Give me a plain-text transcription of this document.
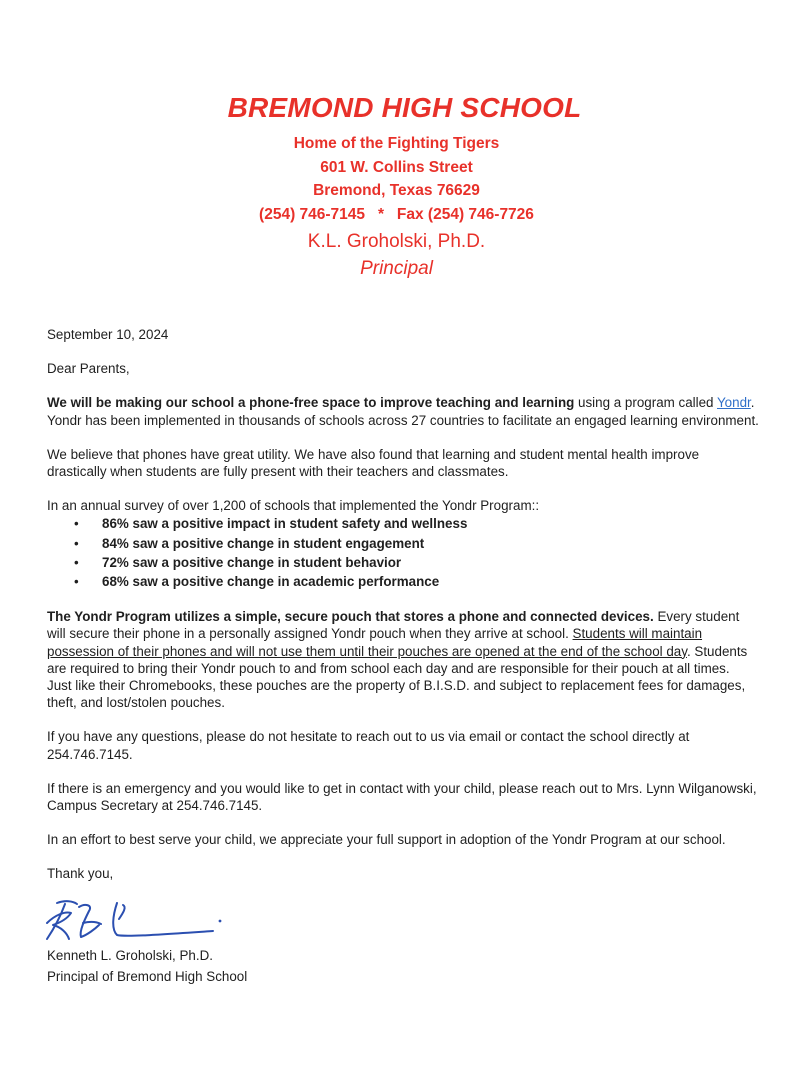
BREMOND HIGH SCHOOL
Home of the Fighting Tigers
601 W. Collins Street
Bremond, Texas 76629
(254) 746-7145   *   Fax (254) 746-7726
K.L. Groholski, Ph.D.
Principal

September 10, 2024

Dear Parents,

We will be making our school a phone-free space to improve teaching and learning using a program called Yondr. Yondr has been implemented in thousands of schools across 27 countries to facilitate an engaged learning environment.

We believe that phones have great utility. We have also found that learning and student mental health improve drastically when students are fully present with their teachers and classmates.

In an annual survey of over 1,200 of schools that implemented the Yondr Program::

• 86% saw a positive impact in student safety and wellness
• 84% saw a positive change in student engagement
• 72% saw a positive change in student behavior
• 68% saw a positive change in academic performance

The Yondr Program utilizes a simple, secure pouch that stores a phone and connected devices. Every student will secure their phone in a personally assigned Yondr pouch when they arrive at school. Students will maintain possession of their phones and will not use them until their pouches are opened at the end of the school day. Students are required to bring their Yondr pouch to and from school each day and are responsible for their pouch at all times.   Just like their Chromebooks, these pouches are the property of B.I.S.D. and subject to replacement fees for damages, theft, and lost/stolen pouches.

If you have any questions, please do not hesitate to reach out to us via email or contact the school directly at 254.746.7145.

If there is an emergency and you would like to get in contact with your child, please reach out to Mrs. Lynn Wilganowski, Campus Secretary at 254.746.7145.

In an effort to best serve your child, we appreciate your full support in adoption of the Yondr Program at our school.

Thank you,

Kenneth L. Groholski, Ph.D.

Principal of Bremond High School
